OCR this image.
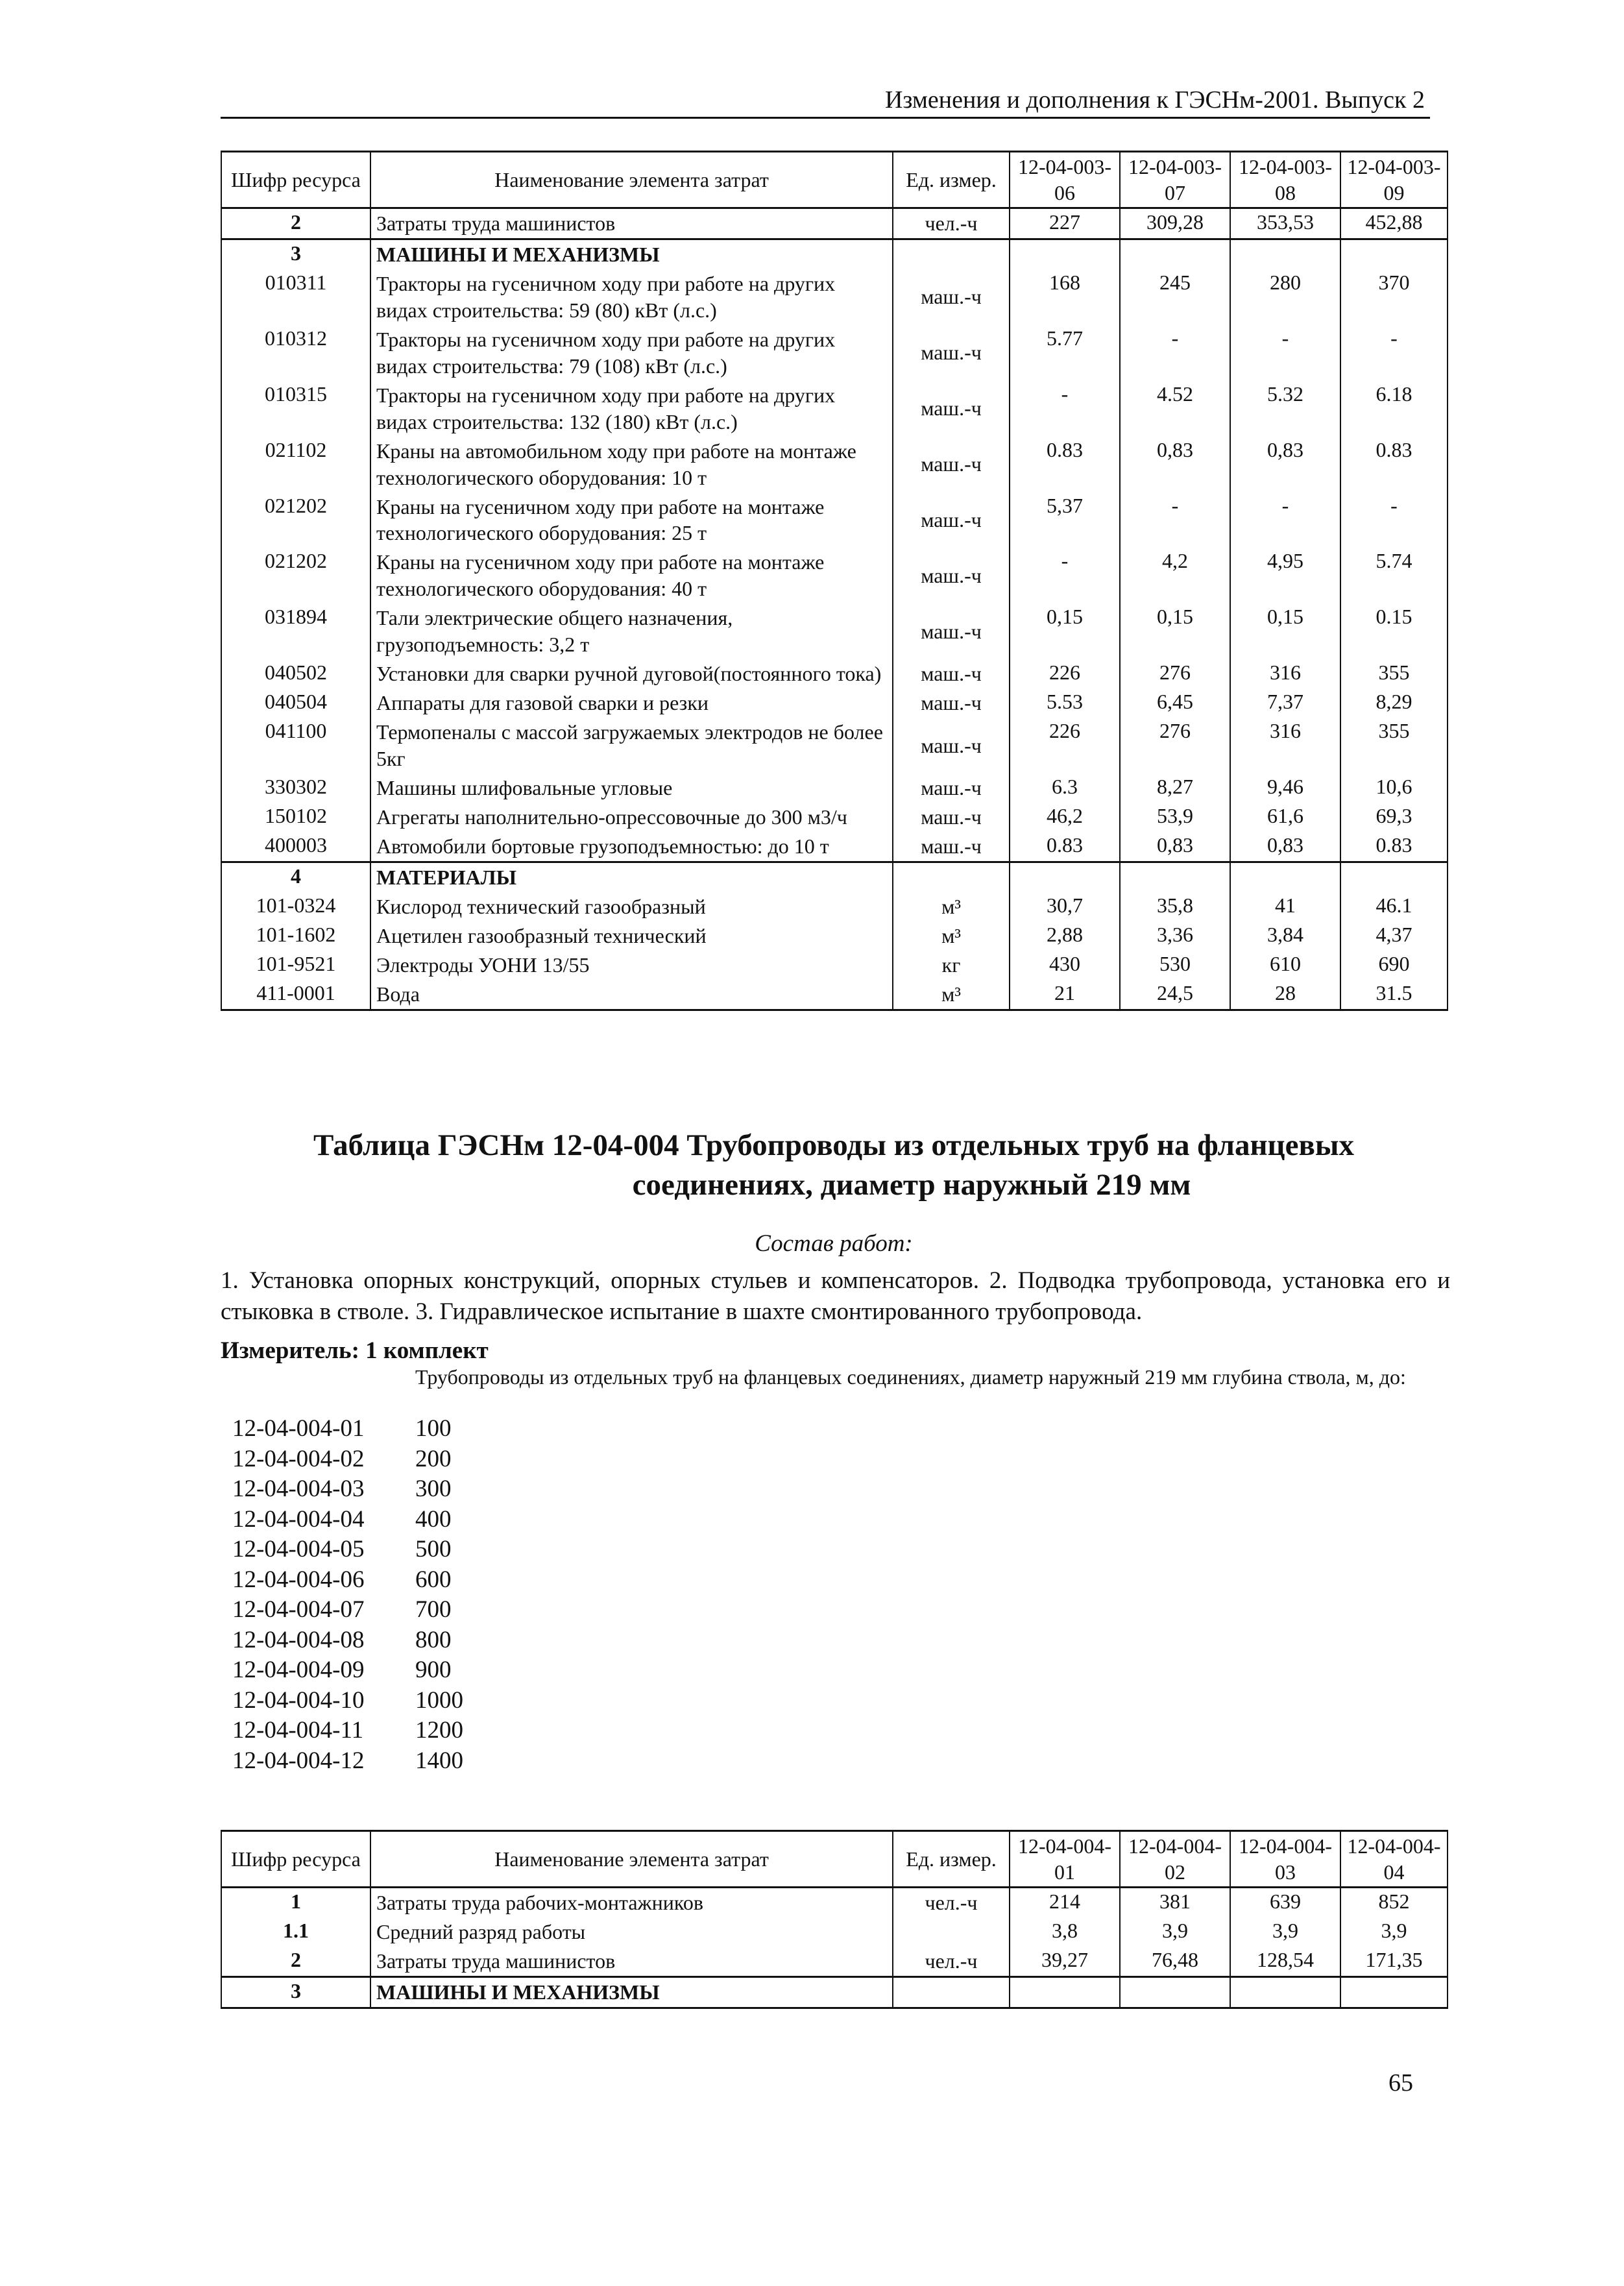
Изменения и дополнения к ГЭСНм-2001. Выпуск 2
Шифр ресурса	Наименование элемента затрат	Ед. измер.	12-04-003-06	12-04-003-07	12-04-003-08	12-04-003-09
2	Затраты труда машинистов	чел.-ч	227	309,28	353,53	452,88
3	МАШИНЫ И МЕХАНИЗМЫ					
010311	Тракторы на гусеничном ходу при работе на других видах строительства: 59 (80) кВт (л.с.)	маш.-ч	168	245	280	370
010312	Тракторы на гусеничном ходу при работе на других видах строительства: 79 (108) кВт (л.с.)	маш.-ч	5.77	-	-	-
010315	Тракторы на гусеничном ходу при работе на других видах строительства: 132 (180) кВт (л.с.)	маш.-ч	-	4.52	5.32	6.18
021102	Краны на автомобильном ходу при работе на монтаже технологического оборудования: 10 т	маш.-ч	0.83	0,83	0,83	0.83
021202	Краны на гусеничном ходу при работе на монтаже технологического оборудования: 25 т	маш.-ч	5,37	-	-	-
021202	Краны на гусеничном ходу при работе на монтаже технологического оборудования: 40 т	маш.-ч	-	4,2	4,95	5.74
031894	Тали электрические общего назначения, грузоподъемность: 3,2 т	маш.-ч	0,15	0,15	0,15	0.15
040502	Установки для сварки ручной дуговой(постоянного тока)	маш.-ч	226	276	316	355
040504	Аппараты для газовой сварки и резки	маш.-ч	5.53	6,45	7,37	8,29
041100	Термопеналы с массой загружаемых электродов не более 5кг	маш.-ч	226	276	316	355
330302	Машины шлифовальные угловые	маш.-ч	6.3	8,27	9,46	10,6
150102	Агрегаты наполнительно-опрессовочные до 300 м3/ч	маш.-ч	46,2	53,9	61,6	69,3
400003	Автомобили бортовые грузоподъемностью: до 10 т	маш.-ч	0.83	0,83	0,83	0.83
4	МАТЕРИАЛЫ					
101-0324	Кислород технический газообразный	м³	30,7	35,8	41	46.1
101-1602	Ацетилен газообразный технический	м³	2,88	3,36	3,84	4,37
101-9521	Электроды УОНИ 13/55	кг	430	530	610	690
411-0001	Вода	м³	21	24,5	28	31.5
Таблица ГЭСНм 12-04-004 Трубопроводы из отдельных труб на фланцевых
соединениях, диаметр наружный 219 мм
Состав работ:
1. Установка опорных конструкций, опорных стульев и компенсаторов. 2. Подводка трубопровода, установка его и стыковка в стволе. 3. Гидравлическое испытание в шахте смонтированного трубопровода.
Измеритель: 1 комплект
Трубопроводы из отдельных труб на фланцевых соединениях, диаметр наружный 219 мм глубина ствола, м, до:
12-04-004-01	100
12-04-004-02	200
12-04-004-03	300
12-04-004-04	400
12-04-004-05	500
12-04-004-06	600
12-04-004-07	700
12-04-004-08	800
12-04-004-09	900
12-04-004-10	1000
12-04-004-11	1200
12-04-004-12	1400
Шифр ресурса	Наименование элемента затрат	Ед. измер.	12-04-004-01	12-04-004-02	12-04-004-03	12-04-004-04
1	Затраты труда рабочих-монтажников	чел.-ч	214	381	639	852
1.1	Средний разряд работы		3,8	3,9	3,9	3,9
2	Затраты труда машинистов	чел.-ч	39,27	76,48	128,54	171,35
3	МАШИНЫ И МЕХАНИЗМЫ					
65
